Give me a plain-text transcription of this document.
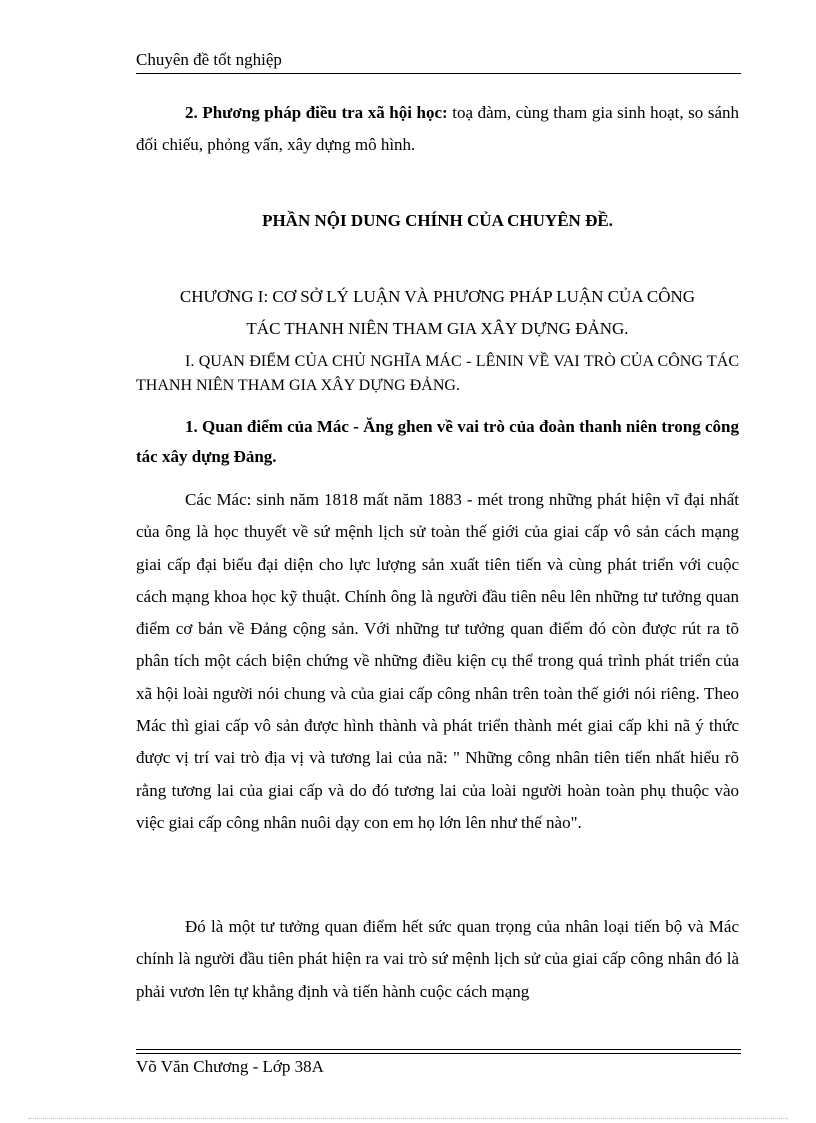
Chuyên đề tốt nghiệp
2. Phương pháp điều tra xã hội học: toạ đàm, cùng tham gia sinh hoạt, so sánh đối chiếu, phỏng vấn, xây dựng mô hình.
PHẦN NỘI DUNG CHÍNH CỦA CHUYÊN ĐỀ.
CHƯƠNG I: CƠ SỞ LÝ LUẬN VÀ PHƯƠNG PHÁP LUẬN CỦA CÔNG
TÁC THANH NIÊN THAM GIA XÂY DỰNG ĐẢNG.
I. QUAN ĐIỂM CỦA CHỦ NGHĨA MÁC - LÊNIN VỀ VAI TRÒ CỦA CÔNG TÁC THANH NIÊN THAM GIA XÂY DỰNG ĐẢNG.
1. Quan điểm của Mác - Ăng ghen về vai trò của đoàn thanh niên trong công tác xây dựng Đảng.
Các Mác: sinh năm 1818 mất năm 1883 - mét trong những phát hiện vĩ đại nhất của ông là học thuyết về sứ mệnh lịch sử toàn thế giới của giai cấp vô sản cách mạng giai cấp đại biểu đại diện cho lực lượng sản xuất tiên tiến và cùng phát triển với cuộc cách mạng khoa học kỹ thuật. Chính ông là người đầu tiên nêu lên những tư tưởng quan điểm cơ bản về Đảng cộng sản. Với những tư tưởng quan điểm đó còn được rút ra tõ phân tích một cách biện chứng về những điều kiện cụ thể trong quá trình phát triển của xã hội loài người nói chung và của giai cấp công nhân trên toàn thế giới nói riêng. Theo Mác thì giai cấp vô sản được hình thành và phát triển thành mét giai cấp khi nã ý thức được vị trí vai trò địa vị và tương lai của nã: " Những công nhân tiên tiến nhất hiểu rõ rằng tương lai của giai cấp và do đó tương lai của loài người hoàn toàn phụ thuộc vào việc giai cấp công nhân nuôi dạy con em họ lớn lên như thế nào".
Đó là một tư tưởng quan điểm hết sức quan trọng của nhân loại tiến bộ và Mác chính là người đầu tiên phát hiện ra vai trò sứ mệnh lịch sử của giai cấp công nhân đó là phải vươn lên tự khẳng định và tiến hành cuộc cách mạng
Võ Văn Chương - Lớp 38A
